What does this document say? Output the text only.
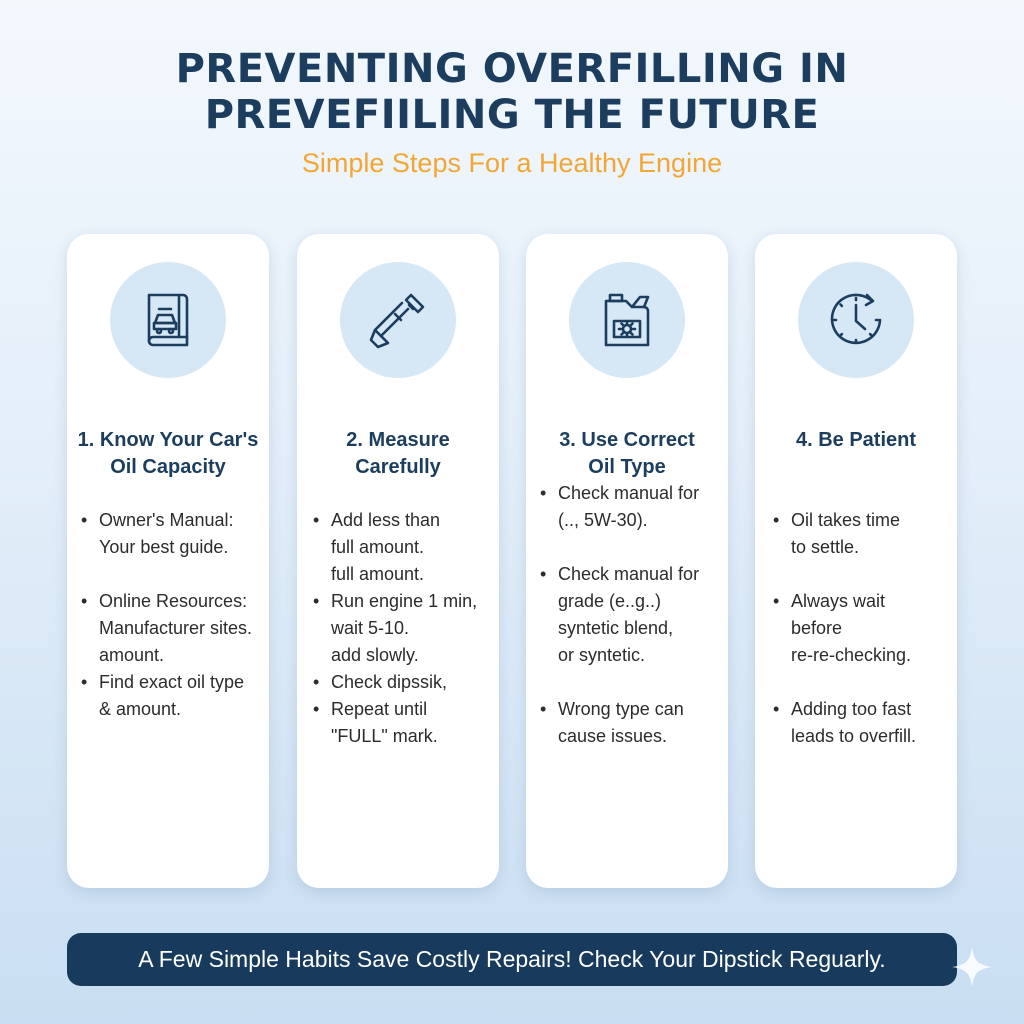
PREVENTING OVERFILLING IN
PREVEFIILING THE FUTURE
Simple Steps For a Healthy Engine
1. Know Your Car's
Oil Capacity
• Owner's Manual:
Your best guide.
• Online Resources:
Manufacturer sites.
amount.
• Find exact oil type
& amount.
2. Measure
Carefully
• Add less than
full amount.
full amount.
• Run engine 1 min,
wait 5-10.
add slowly.
• Check dipssik,
• Repeat until
"FULL" mark.
3. Use Correct
Oil Type
• Check manual for
(.., 5W-30).
• Check manual for
grade (e..g..)
syntetic blend,
or syntetic.
• Wrong type can
cause issues.
4. Be Patient
• Oil takes time
to settle.
• Always wait
before
re-re-checking.
• Adding too fast
leads to overfill.
A Few Simple Habits Save Costly Repairs! Check Your Dipstick Reguarly.
